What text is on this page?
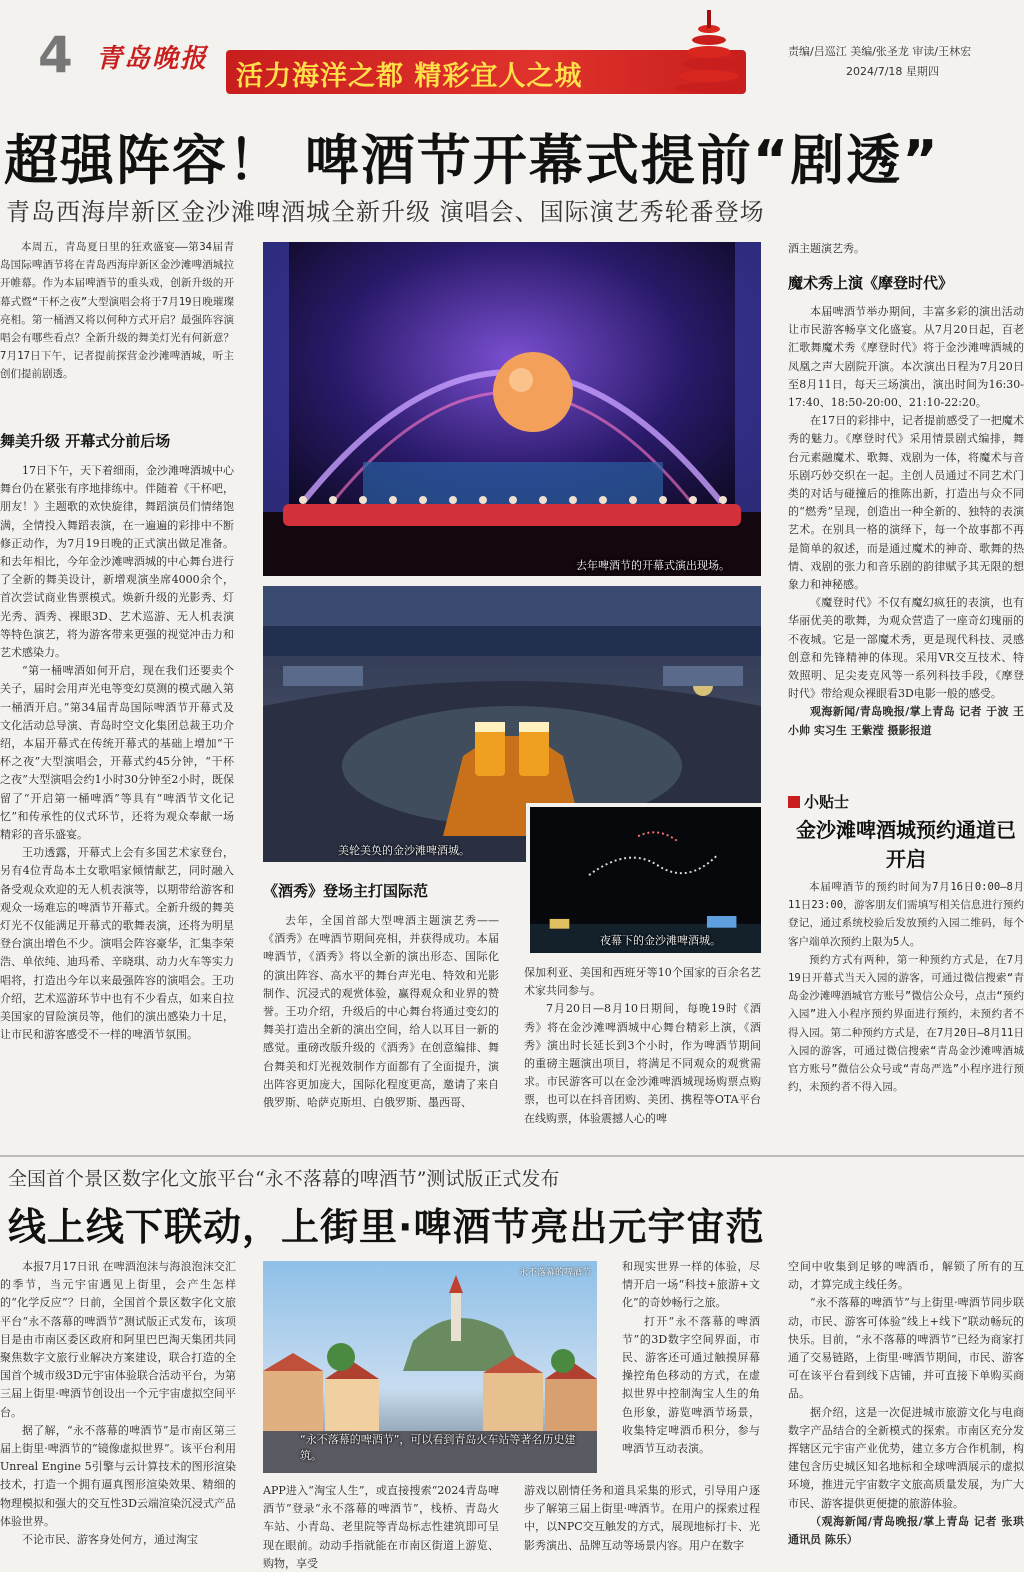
4 青岛晚报
活力海洋之都 精彩宜人之城
责编/吕巡江 美编/张圣龙 审读/王林宏
2024/7/18 星期四
超强阵容！ 啤酒节开幕式提前“剧透”
青岛西海岸新区金沙滩啤酒城全新升级 演唱会、国际演艺秀轮番登场

本周五，青岛夏日里的狂欢盛宴——第34届青岛国际啤酒节将在青岛西海岸新区金沙滩啤酒城拉开帷幕。作为本届啤酒节的重头戏，创新升级的开幕式暨“干杯之夜”大型演唱会将于7月19日晚璀璨亮相。第一桶酒又将以何种方式开启？最强阵容演唱会有哪些看点？全新升级的舞美灯光有何新意？7月17日下午，记者提前探营金沙滩啤酒城，听主创们提前剧透。

舞美升级 开幕式分前后场

17日下午，天下着细雨，金沙滩啤酒城中心舞台仍在紧张有序地排练中。伴随着《干杯吧，朋友！》主题歌的欢快旋律，舞蹈演员们情绪饱满，全情投入舞蹈表演，在一遍遍的彩排中不断修正动作，为7月19日晚的正式演出做足准备。和去年相比，今年金沙滩啤酒城的中心舞台进行了全新的舞美设计，新增观演坐席4000余个，首次尝试商业售票模式。焕新升级的光影秀、灯光秀、酒秀、裸眼3D、艺术巡游、无人机表演等特色演艺，将为游客带来更强的视觉冲击力和艺术感染力。

“第一桶啤酒如何开启，现在我们还要卖个关子，届时会用声光电等变幻莫测的模式融入第一桶酒开启。”第34届青岛国际啤酒节开幕式及文化活动总导演、青岛时空文化集团总裁王功介绍，本届开幕式在传统开幕式的基础上增加“干杯之夜”大型演唱会，开幕式约45分钟，“干杯之夜”大型演唱会约1小时30分钟至2小时，既保留了“开启第一桶啤酒”等具有“啤酒节文化记忆”和传承性的仪式环节，还将为观众奉献一场精彩的音乐盛宴。

王功透露，开幕式上会有多国艺术家登台，另有4位青岛本土女歌唱家倾情献艺，同时融入备受观众欢迎的无人机表演等，以期带给游客和观众一场难忘的啤酒节开幕式。全新升级的舞美灯光不仅能满足开幕式的歌舞表演，还将为明星登台演出增色不少。演唱会阵容豪华，汇集李荣浩、单依纯、迪玛希、辛晓琪、动力火车等实力唱将，打造出今年以来最强阵容的演唱会。王功介绍，艺术巡游环节中也有不少看点，如来自拉美国家的冒险演员等，他们的演出感染力十足，让市民和游客感受不一样的啤酒节氛围。

去年啤酒节的开幕式演出现场。
美轮美奂的金沙滩啤酒城。
夜幕下的金沙滩啤酒城。
《酒秀》登场主打国际范

去年，全国首部大型啤酒主题演艺秀——《酒秀》在啤酒节期间亮相，并获得成功。本届啤酒节，《酒秀》将以全新的演出形态、国际化的演出阵容、高水平的舞台声光电、特效和光影制作、沉浸式的观赏体验，赢得观众和业界的赞誉。王功介绍，升级后的中心舞台将通过变幻的舞美打造出全新的演出空间，给人以耳目一新的感觉。重磅改版升级的《酒秀》在创意编排、舞台舞美和灯光视效制作方面都有了全面提升，演出阵容更加庞大，国际化程度更高，邀请了来自俄罗斯、哈萨克斯坦、白俄罗斯、墨西哥、

保加利亚、美国和西班牙等10个国家的百余名艺术家共同参与。

7月20日—8月10日期间，每晚19时《酒秀》将在金沙滩啤酒城中心舞台精彩上演，《酒秀》演出时长延长到3个小时，作为啤酒节期间的重磅主题演出项目，将满足不同观众的观赏需求。市民游客可以在金沙滩啤酒城现场购票点购票，也可以在抖音团购、美团、携程等OTA平台在线购票，体验震撼人心的啤

酒主题演艺秀。
魔术秀上演《摩登时代》

本届啤酒节举办期间，丰富多彩的演出活动让市民游客畅享文化盛宴。从7月20日起，百老汇歌舞魔术秀《摩登时代》将于金沙滩啤酒城的凤凰之声大剧院开演。本次演出日程为7月20日至8月11日，每天三场演出，演出时间为16:30-17:40、18:50-20:00、21:10-22:20。

在17日的彩排中，记者提前感受了一把魔术秀的魅力。《摩登时代》采用情景剧式编排，舞台元素融魔术、歌舞、戏剧为一体，将魔术与音乐剧巧妙交织在一起。主创人员通过不同艺术门类的对话与碰撞后的推陈出新，打造出与众不同的“燃秀”呈现，创造出一种全新的、独特的表演艺术。在别具一格的演绎下，每一个故事都不再是简单的叙述，而是通过魔术的神奇、歌舞的热情、戏剧的张力和音乐剧的韵律赋予其无限的想象力和神秘感。

《魔登时代》不仅有魔幻疯狂的表演，也有华丽优美的歌舞，为观众营造了一座奇幻瑰丽的不夜城。它是一部魔术秀，更是现代科技、灵感创意和先锋精神的体现。采用VR交互技术、特效照明、足尖麦克风等一系列科技手段，《摩登时代》带给观众裸眼看3D电影一般的感受。

观海新闻/青岛晚报/掌上青岛 记者 于波 王小帅 实习生 王紫滢 摄影报道

小贴士
金沙滩啤酒城预约通道已开启

本届啤酒节的预约时间为7月16日0:00—8月11日23:00，游客朋友们需填写相关信息进行预约登记，通过系统校验后发放预约入园二维码，每个客户端单次预约上限为5人。

预约方式有两种，第一种预约方式是，在7月19日开幕式当天入园的游客，可通过微信搜索“青岛金沙滩啤酒城官方账号”微信公众号，点击“预约入园”进入小程序预约界面进行预约，未预约者不得入园。第二种预约方式是，在7月20日—8月11日入园的游客，可通过微信搜索“青岛金沙滩啤酒城官方账号”微信公众号或“青岛严选”小程序进行预约，未预约者不得入园。

全国首个景区数字化文旅平台“永不落幕的啤酒节”测试版正式发布
线上线下联动，上街里·啤酒节亮出元宇宙范

本报7月17日讯 在啤酒泡沫与海浪泡沫交汇的季节，当元宇宙遇见上街里，会产生怎样的“化学反应”？日前，全国首个景区数字化文旅平台“永不落幕的啤酒节”测试版正式发布，该项目是由市南区委区政府和阿里巴巴淘天集团共同聚焦数字文旅行业解决方案建设，联合打造的全国首个城市级3D元宇宙体验联合活动平台，为第三届上街里·啤酒节创设出一个元宇宙虚拟空间平台。

据了解，“永不落幕的啤酒节”是市南区第三届上街里·啤酒节的“镜像虚拟世界”。该平台利用Unreal Engine 5引擎与云计算技术的图形渲染技术，打造一个拥有逼真图形渲染效果、精细的物理模拟和强大的交互性3D云端渲染沉浸式产品体验世界。

不论市民、游客身处何方，通过淘宝

永不落幕的啤酒节
“永不落幕的啤酒节”，可以看到青岛火车站等著名历史建筑。
APP进入“淘宝人生”，或直接搜索“2024青岛啤酒节”登录“永不落幕的啤酒节”，栈桥、青岛火车站、小青岛、老里院等青岛标志性建筑即可呈现在眼前。动动手指就能在市南区街道上游览、购物，享受
和现实世界一样的体验，尽情开启一场“科技+旅游+文化”的奇妙畅行之旅。

打开“永不落幕的啤酒节”的3D数字空间界面，市民、游客还可通过触摸屏幕操控角色移动的方式，在虚拟世界中控制淘宝人生的角色形象，游览啤酒节场景，收集特定啤酒币积分，参与啤酒节互动表演。

游戏以剧情任务和道具采集的形式，引导用户逐步了解第三届上街里·啤酒节。在用户的探索过程中，以NPC交互触发的方式，展现地标打卡、光影秀演出、品牌互动等场景内容。用户在数字
空间中收集到足够的啤酒币，解锁了所有的互动，才算完成主线任务。

“永不落幕的啤酒节”与上街里·啤酒节同步联动，市民、游客可体验“线上+线下”联动畅玩的快乐。目前，“永不落幕的啤酒节”已经为商家打通了交易链路，上街里·啤酒节期间，市民、游客可在该平台看到线下店铺，并可直接下单购买商品。

据介绍，这是一次促进城市旅游文化与电商数字产品结合的全新模式的探索。市南区充分发挥辖区元宇宙产业优势，建立多方合作机制，构建包含历史城区知名地标和全球啤酒展示的虚拟环境，推进元宇宙数字文旅高质量发展，为广大市民、游客提供更便捷的旅游体验。

（观海新闻/青岛晚报/掌上青岛 记者 张珙 通讯员 陈乐）
